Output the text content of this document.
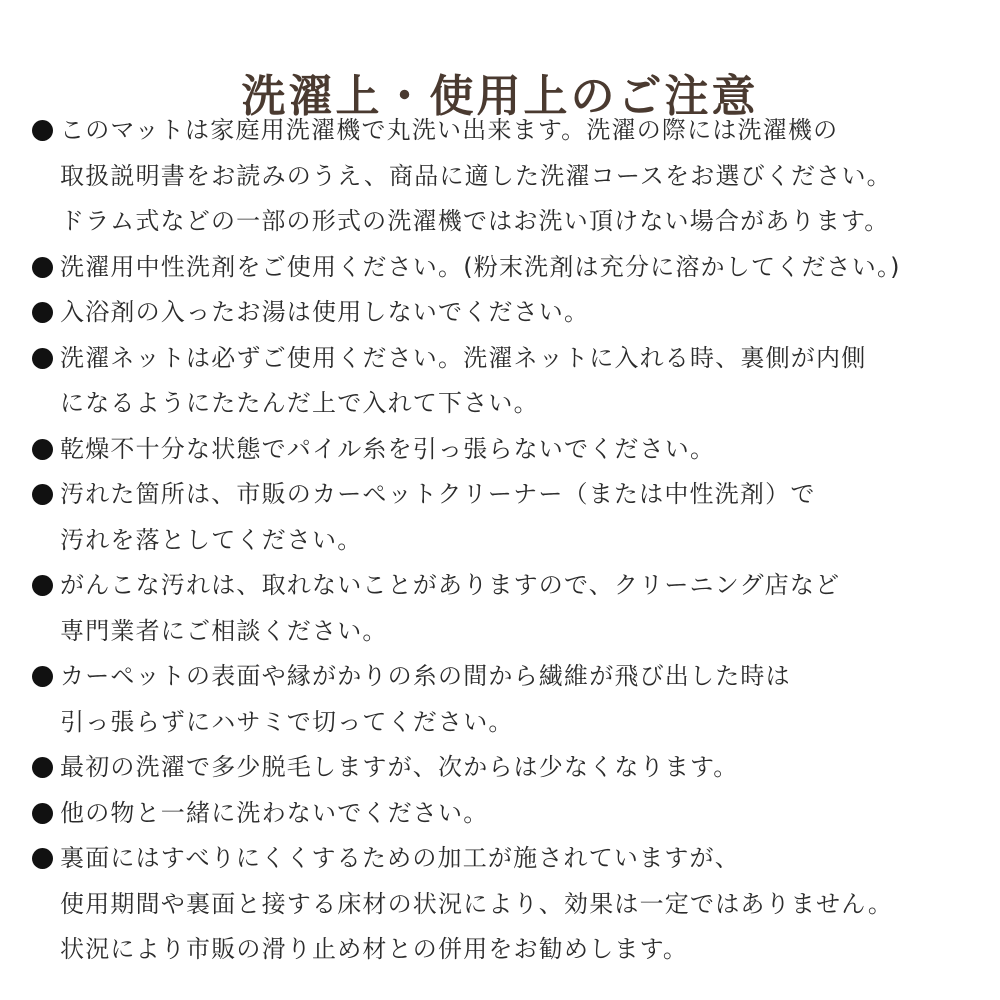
洗濯上・使用上のご注意
このマットは家庭用洗濯機で丸洗い出来ます。洗濯の際には洗濯機の
取扱説明書をお読みのうえ、商品に適した洗濯コースをお選びください。
ドラム式などの一部の形式の洗濯機ではお洗い頂けない場合があります。
洗濯用中性洗剤をご使用ください。(粉末洗剤は充分に溶かしてください。)
入浴剤の入ったお湯は使用しないでください。
洗濯ネットは必ずご使用ください。洗濯ネットに入れる時、裏側が内側
になるようにたたんだ上で入れて下さい。
乾燥不十分な状態でパイル糸を引っ張らないでください。
汚れた箇所は、市販のカーペットクリーナー（または中性洗剤）で
汚れを落としてください。
がんこな汚れは、取れないことがありますので、クリーニング店など
専門業者にご相談ください。
カーペットの表面や縁がかりの糸の間から繊維が飛び出した時は
引っ張らずにハサミで切ってください。
最初の洗濯で多少脱毛しますが、次からは少なくなります。
他の物と一緒に洗わないでください。
裏面にはすべりにくくするための加工が施されていますが、
使用期間や裏面と接する床材の状況により、効果は一定ではありません。
状況により市販の滑り止め材との併用をお勧めします。
